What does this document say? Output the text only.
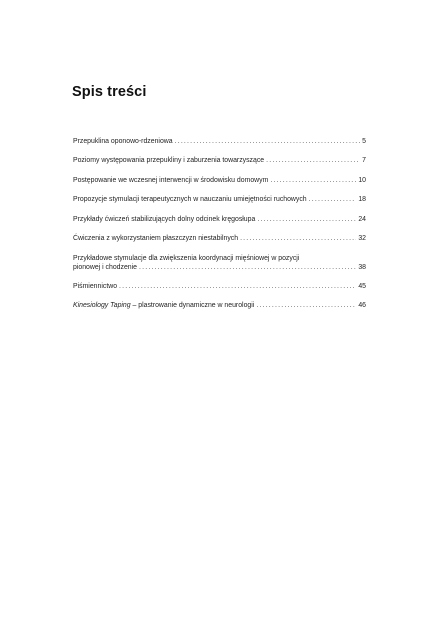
Spis treści
Przepuklina oponowo-rdzeniowa .....	5
Poziomy występowania przepukliny i zaburzenia towarzyszące .....	7
Postępowanie we wczesnej interwencji w środowisku domowym .....	10
Propozycje stymulacji terapeutycznych w nauczaniu umiejętności ruchowych .....	18
Przykłady ćwiczeń stabilizujących dolny odcinek kręgosłupa .....	24
Ćwiczenia z wykorzystaniem płaszczyzn niestabilnych .....	32
Przykładowe stymulacje dla zwiększenia koordynacji mięśniowej w pozycji
pionowej i chodzenie .....	38
Piśmiennictwo .....	45
Kinesiology Taping – plastrowanie dynamiczne w neurologii .....	46
